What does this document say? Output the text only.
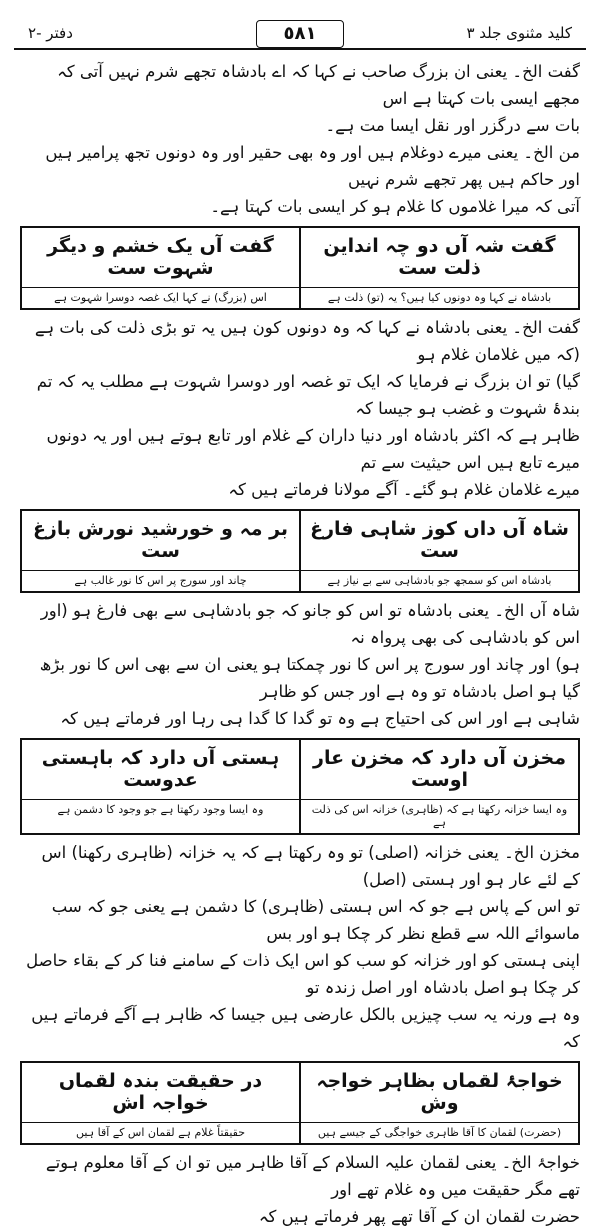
دفتر -٢	٥٨١	کلید مثنوی جلد ٣

گفت الخ۔ یعنی ان بزرگ صاحب نے کہا کہ اے بادشاہ تجھے شرم نہیں آتی کہ مجھے ایسی بات کہتا ہے اس

بات سے درگزر اور نقل ایسا مت ہے۔

من الخ۔ یعنی میرے دوغلام ہیں اور وہ بھی حقیر اور وہ دونوں تجھ پرامیر ہیں اور حاکم ہیں پھر تجھے شرم نہیں

آتی کہ میرا غلاموں کا غلام ہو کر ایسی بات کہتا ہے۔

گفت شہ آں دو چہ انداین ذلت ست
بادشاہ نے کہا وہ دونوں کیا ہیں؟ یہ (تو) ذلت ہے
گفت آں یک خشم و دیگر شہوت ست
اس (بزرگ) نے کہا ایک غصہ دوسرا شہوت ہے

گفت الخ۔ یعنی بادشاہ نے کہا کہ وہ دونوں کون ہیں یہ تو بڑی ذلت کی بات ہے (کہ میں غلامان غلام ہو

گیا) تو ان بزرگ نے فرمایا کہ ایک تو غصہ اور دوسرا شہوت ہے مطلب یہ کہ تم بندۂ شہوت و غضب ہو جیسا کہ

ظاہر ہے کہ اکثر بادشاہ اور دنیا داران کے غلام اور تابع ہوتے ہیں اور یہ دونوں میرے تابع ہیں اس حیثیت سے تم

میرے غلامان غلام ہو گئے۔ آگے مولانا فرماتے ہیں کہ

شاہ آں داں کوز شاہی فارغ ست
بادشاہ اس کو سمجھ جو بادشاہی سے بے نیاز ہے
بر مہ و خورشید نورش بازغ ست
چاند اور سورج پر اس کا نور غالب ہے

شاہ آں الخ۔ یعنی بادشاہ تو اس کو جانو کہ جو بادشاہی سے بھی فارغ ہو (اور اس کو بادشاہی کی بھی پرواہ نہ

ہو) اور چاند اور سورج پر اس کا نور چمکتا ہو یعنی ان سے بھی اس کا نور بڑھ گیا ہو اصل بادشاہ تو وہ ہے اور جس کو ظاہر

شاہی ہے اور اس کی احتیاج ہے وہ تو گدا کا گدا ہی رہا اور فرماتے ہیں کہ

مخزن آں دارد کہ مخزن عار اوست
وہ ایسا خزانہ رکھتا ہے کہ (ظاہری) خزانہ اس کی ذلت ہے
ہستی آں دارد کہ باہستی عدوست
وہ ایسا وجود رکھتا ہے جو وجود کا دشمن ہے

مخزن الخ۔ یعنی خزانہ (اصلی) تو وہ رکھتا ہے کہ یہ خزانہ (ظاہری رکھنا) اس کے لئے عار ہو اور ہستی (اصل)

تو اس کے پاس ہے جو کہ اس ہستی (ظاہری) کا دشمن ہے یعنی جو کہ سب ماسوائے اللہ سے قطع نظر کر چکا ہو اور بس

اپنی ہستی کو اور خزانہ کو سب کو اس ایک ذات کے سامنے فنا کر کے بقاء حاصل کر چکا ہو اصل بادشاہ اور اصل زندہ تو

وہ ہے ورنہ یہ سب چیزیں بالکل عارضی ہیں جیسا کہ ظاہر ہے آگے فرماتے ہیں کہ

خواجۂ لقماں بظاہر خواجہ وش
(حضرت) لقمان کا آقا ظاہری خواجگی کے جیسے ہیں
در حقیقت بندہ لقماں خواجہ اش
حقیقتاً غلام ہے لقمان اس کے آقا ہیں

خواجۂ الخ۔ یعنی لقمان علیہ السلام کے آقا ظاہر میں تو ان کے آقا معلوم ہوتے تھے مگر حقیقت میں وہ غلام تھے اور

حضرت لقمان ان کے آقا تھے پھر فرماتے ہیں کہ
